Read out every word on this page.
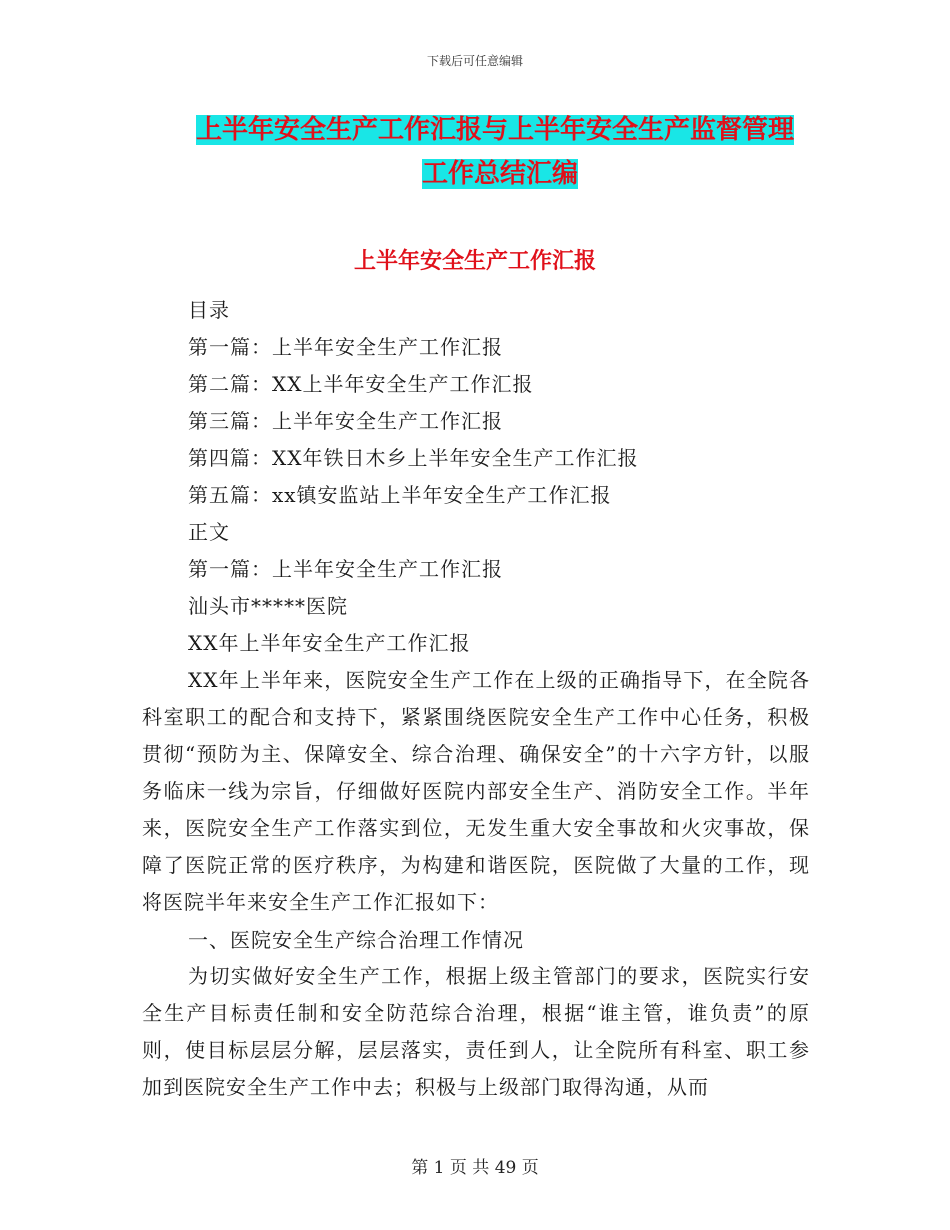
下载后可任意编辑
上半年安全生产工作汇报与上半年安全生产监督管理
工作总结汇编
上半年安全生产工作汇报
目录
第一篇：上半年安全生产工作汇报
第二篇：XX上半年安全生产工作汇报
第三篇：上半年安全生产工作汇报
第四篇：XX年铁日木乡上半年安全生产工作汇报
第五篇：xx镇安监站上半年安全生产工作汇报
正文
第一篇：上半年安全生产工作汇报
汕头市*****医院
XX年上半年安全生产工作汇报
XX年上半年来，医院安全生产工作在上级的正确指导下，在全院各科室职工的配合和支持下，紧紧围绕医院安全生产工作中心任务，积极贯彻“预防为主、保障安全、综合治理、确保安全”的十六字方针，以服务临床一线为宗旨，仔细做好医院内部安全生产、消防安全工作。半年来，医院安全生产工作落实到位，无发生重大安全事故和火灾事故，保障了医院正常的医疗秩序，为构建和谐医院，医院做了大量的工作，现将医院半年来安全生产工作汇报如下：
一、医院安全生产综合治理工作情况
为切实做好安全生产工作，根据上级主管部门的要求，医院实行安全生产目标责任制和安全防范综合治理，根据“谁主管，谁负责”的原则，使目标层层分解，层层落实，责任到人，让全院所有科室、职工参加到医院安全生产工作中去；积极与上级部门取得沟通，从而
第 1 页 共 49 页
